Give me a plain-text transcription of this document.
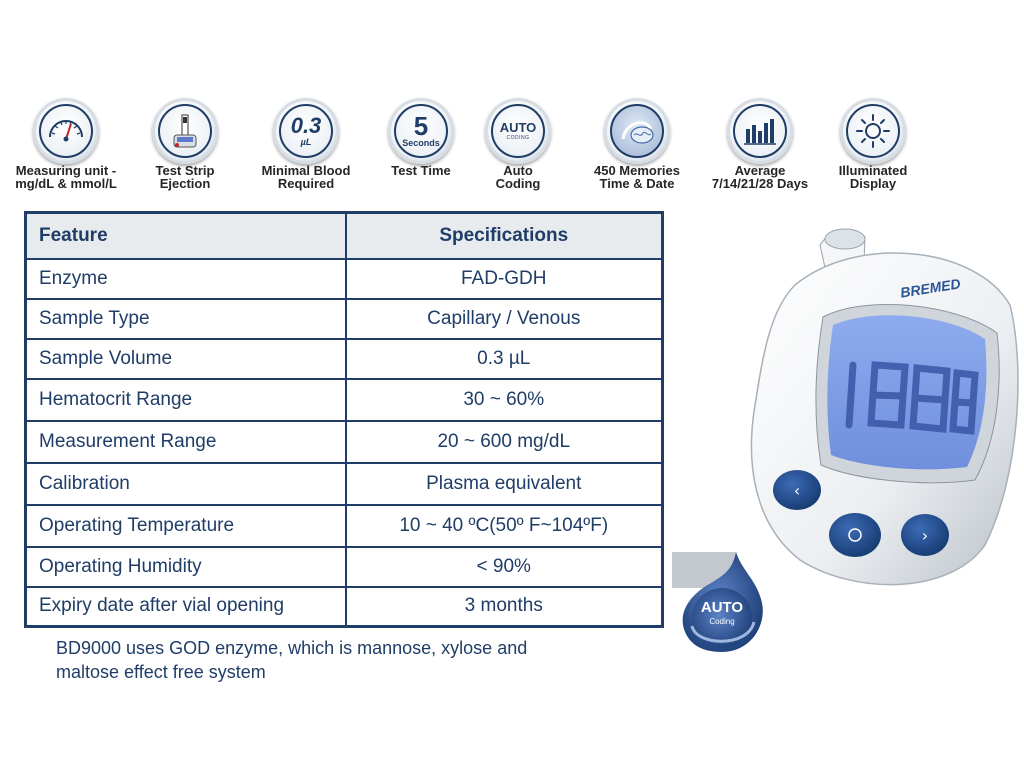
Measuring unit -
mg/dL & mmol/L
Test Strip
Ejection
0.3
µL
Minimal Blood
Required
5
Seconds
Test Time
AUTO
CODING
Auto
Coding
450 Memories
Time & Date
Average
7/14/21/28 Days
Illuminated
Display
Feature	Specifications
Enzyme	FAD-GDH
Sample Type	Capillary / Venous
Sample Volume	0.3 µL
Hematocrit Range	30 ~ 60%
Measurement Range	20 ~ 600 mg/dL
Calibration	Plasma equivalent
Operating Temperature	10 ~ 40 ºC(50º F~104ºF)
Operating Humidity	< 90%
Expiry date after vial opening	3 months
BD9000 uses GOD enzyme, which is mannose, xylose and
maltose effect free system
‹
›
BREMED
AUTO
Coding
